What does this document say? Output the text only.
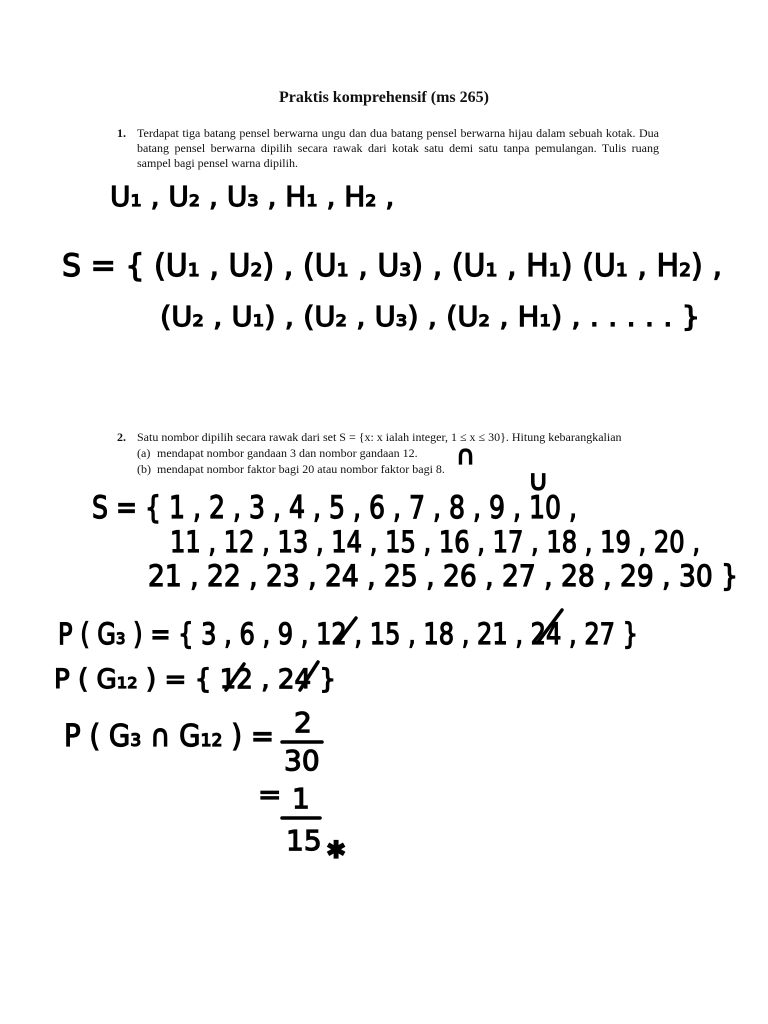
Praktis komprehensif (ms 265)
1. Terdapat tiga batang pensel berwarna ungu dan dua batang pensel berwarna hijau dalam sebuah kotak. Dua batang pensel berwarna dipilih secara rawak dari kotak satu demi satu tanpa pemulangan. Tulis ruang sampel bagi pensel warna dipilih.
2. Satu nombor dipilih secara rawak dari set S = {x: x ialah integer, 1 ≤ x ≤ 30}. Hitung kebarangkalian
(a) mendapat nombor gandaan 3 dan nombor gandaan 12.
(b) mendapat nombor faktor bagi 20 atau nombor faktor bagi 8.
U₁ , U₂ , U₃ , H₁ , H₂ ,
S = { (U₁ , U₂) , (U₁ , U₃) , (U₁ , H₁) (U₁ , H₂) ,
(U₂ , U₁) , (U₂ , U₃) , (U₂ , H₁) , . . . . . }
∩
∪
S = { 1 , 2 , 3 , 4 , 5 , 6 , 7 , 8 , 9 , 10 ,
11 , 12 , 13 , 14 , 15 , 16 , 17 , 18 , 19 , 20 ,
21 , 22 , 23 , 24 , 25 , 26 , 27 , 28 , 29 , 30 }
P ( G₃ ) = { 3 , 6 , 9 , 12 , 15 , 18 , 21 , 24 , 27 }
P ( G₁₂ ) = { 12 , 24 }
P ( G₃ ∩ G₁₂ ) = 2
30
= 1
15 ✱
